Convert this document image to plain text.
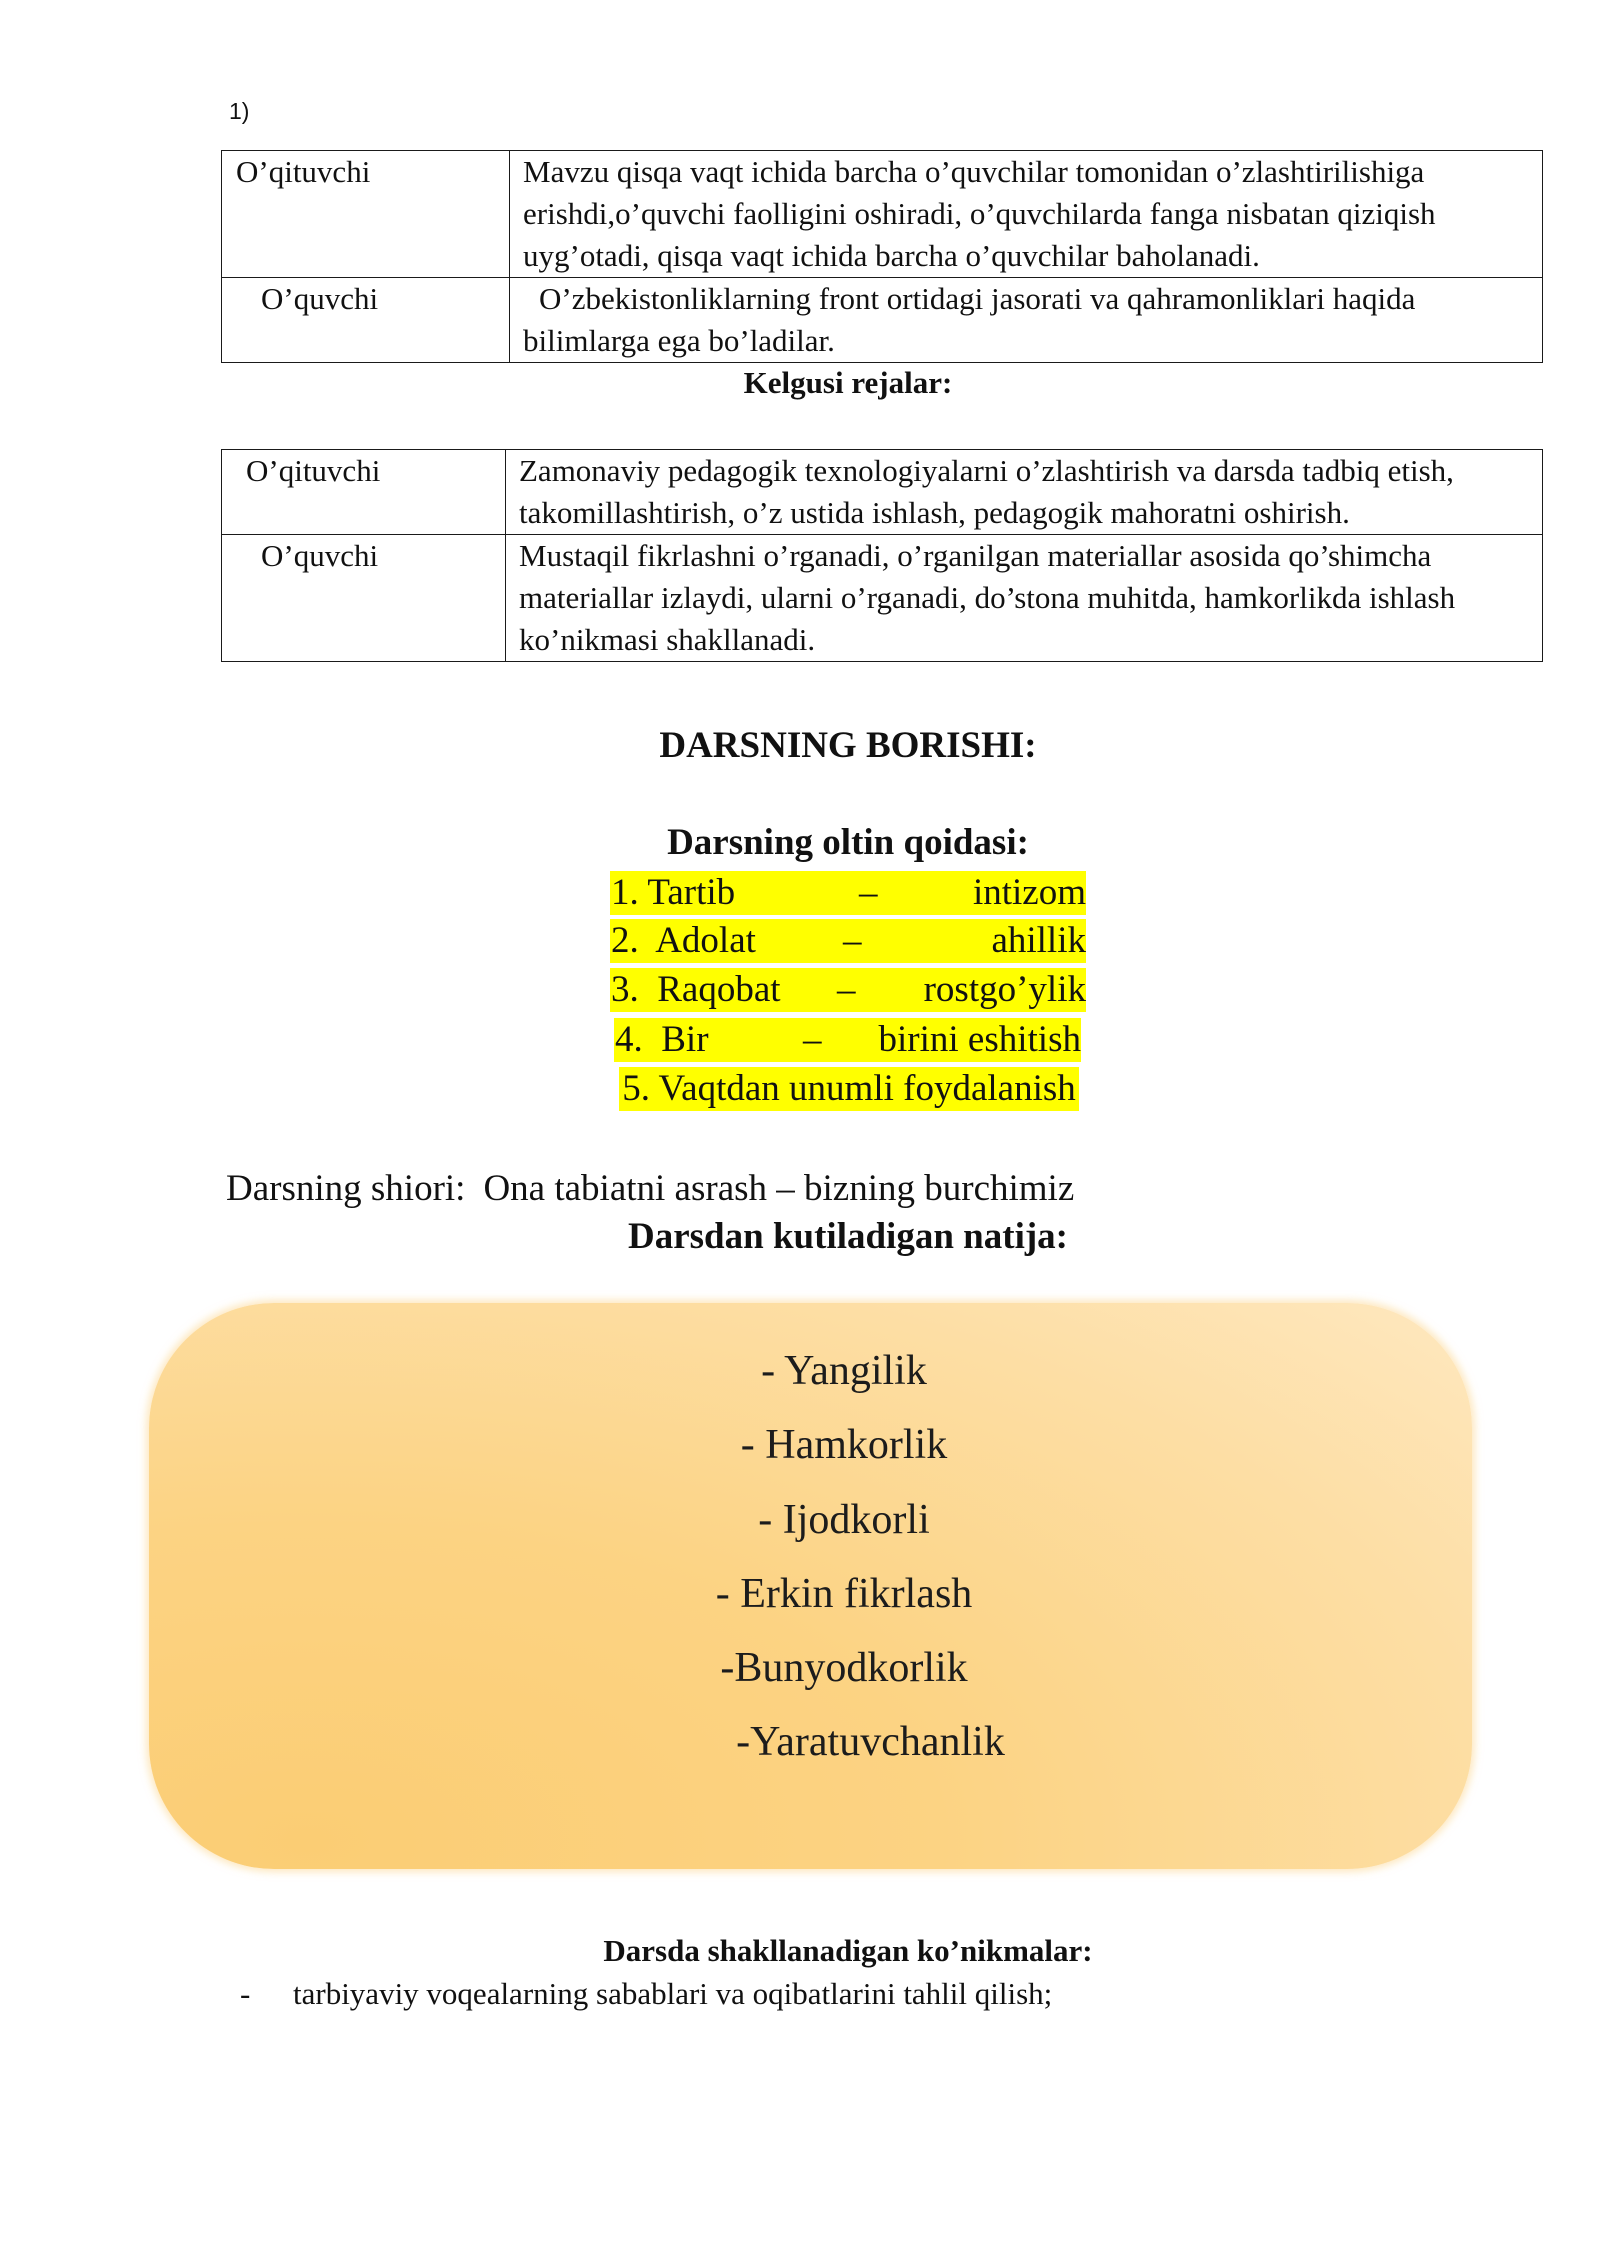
1)
O’qituvchi	Mavzu qisqa vaqt ichida barcha o’quvchilar tomonidan o’zlashtirilishiga
erishdi,o’quvchi faolligini oshiradi, o’quvchilarda fanga nisbatan qiziqish
uyg’otadi, qisqa vaqt ichida barcha o’quvchilar baholanadi.
O’quvchi	O’zbekistonliklarning front ortidagi jasorati va qahramonliklari haqida
bilimlarga ega bo’ladilar.
Kelgusi rejalar:
O’qituvchi	Zamonaviy pedagogik texnologiyalarni o’zlashtirish va darsda tadbiq etish,
takomillashtirish, o’z ustida ishlash, pedagogik mahoratni oshirish.
O’quvchi	Mustaqil fikrlashni o’rganadi, o’rganilgan materiallar asosida qo’shimcha
materiallar izlaydi, ularni o’rganadi, do’stona muhitda, hamkorlikda ishlash
ko’nikmasi shakllanadi.
DARSNING BORISHI:
Darsning oltin qoidasi:

1. Tartib

	–

	intizom

2.  Adolat

–

	ahillik

3.  Raqobat

–

rostgo’ylik

4.  Bir

	–

birini eshitish

5. Vaqtdan unumli foydalanish
Darsning shiori: Ona tabiatni asrash – bizning burchimiz
Darsdan kutiladigan natija:
- Yangilik
- Hamkorlik
- Ijodkorli
- Erkin fikrlash
-Bunyodkorlik
-Yaratuvchanlik
Darsda shakllanadigan ko’nikmalar:
- tarbiyaviy voqealarning sabablari va oqibatlarini tahlil qilish;
